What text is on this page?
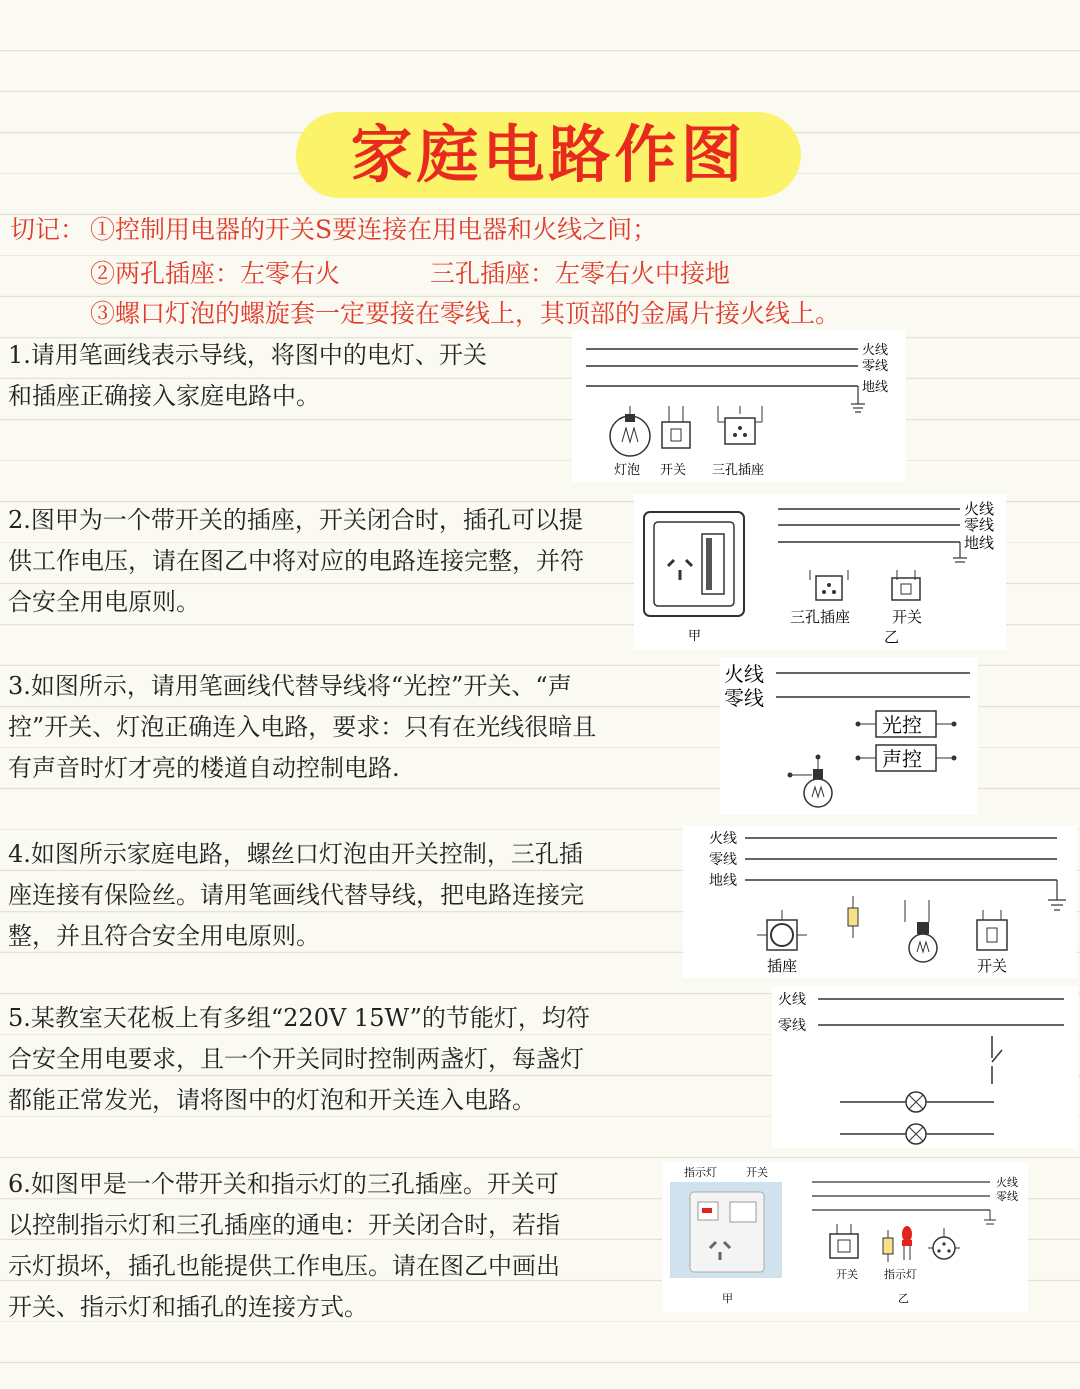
家庭电路作图
切记： ①控制用电器的开关S要连接在用电器和火线之间；
②两孔插座：左零右火	三孔插座：左零右火中接地
③螺口灯泡的螺旋套一定要接在零线上，其顶部的金属片接火线上。
1.请用笔画线表示导线，将图中的电灯、开关
和插座正确接入家庭电路中。
火线
零线
地线
灯泡 开关 三孔插座
2.图甲为一个带开关的插座，开关闭合时，插孔可以提
供工作电压，请在图乙中将对应的电路连接完整，并符
合安全用电原则。
甲
火线
零线
地线
三孔插座	开关
乙
3.如图所示，请用笔画线代替导线将“光控”开关、“声
控”开关、灯泡正确连入电路，要求：只有在光线很暗且
有声音时灯才亮的楼道自动控制电路.
火线
零线
光控
声控
4.如图所示家庭电路，螺丝口灯泡由开关控制，三孔插
座连接有保险丝。请用笔画线代替导线，把电路连接完
整，并且符合安全用电原则。
火线
零线
地线
插座	开关
5.某教室天花板上有多组“220V 15W”的节能灯，均符
合安全用电要求，且一个开关同时控制两盏灯，每盏灯
都能正常发光，请将图中的灯泡和开关连入电路。
火线
零线
6.如图甲是一个带开关和指示灯的三孔插座。开关可
以控制指示灯和三孔插座的通电：开关闭合时，若指
示灯损坏，插孔也能提供工作电压。请在图乙中画出
开关、指示灯和插孔的连接方式。
指示灯	开关
甲
火线
零线
开关 指示灯
乙
